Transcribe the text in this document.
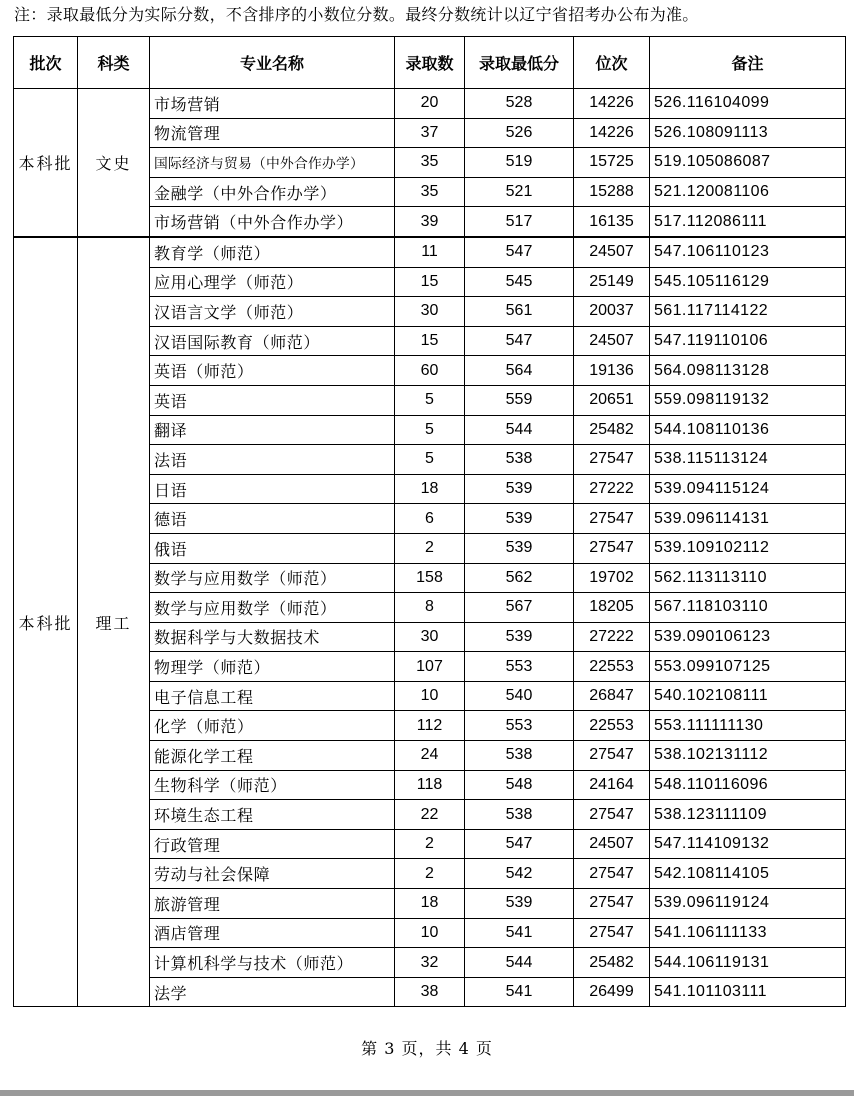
注：录取最低分为实际分数，不含排序的小数位分数。最终分数统计以辽宁省招考办公布为准。
批次	科类	专业名称	录取数	录取最低分	位次	备注
本科批	文史	市场营销	20	528	14226	526.116104099
		物流管理	37	526	14226	526.108091113
		国际经济与贸易（中外合作办学）	35	519	15725	519.105086087
		金融学（中外合作办学）	35	521	15288	521.120081106
		市场营销（中外合作办学）	39	517	16135	517.112086111
本科批	理工	教育学（师范）	11	547	24507	547.106110123
		应用心理学（师范）	15	545	25149	545.105116129
		汉语言文学（师范）	30	561	20037	561.117114122
		汉语国际教育（师范）	15	547	24507	547.119110106
		英语（师范）	60	564	19136	564.098113128
		英语	5	559	20651	559.098119132
		翻译	5	544	25482	544.108110136
		法语	5	538	27547	538.115113124
		日语	18	539	27222	539.094115124
		德语	6	539	27547	539.096114131
		俄语	2	539	27547	539.109102112
		数学与应用数学（师范）	158	562	19702	562.113113110
		数学与应用数学（师范）	8	567	18205	567.118103110
		数据科学与大数据技术	30	539	27222	539.090106123
		物理学（师范）	107	553	22553	553.099107125
		电子信息工程	10	540	26847	540.102108111
		化学（师范）	112	553	22553	553.111111130
		能源化学工程	24	538	27547	538.102131112
		生物科学（师范）	118	548	24164	548.110116096
		环境生态工程	22	538	27547	538.123111109
		行政管理	2	547	24507	547.114109132
		劳动与社会保障	2	542	27547	542.108114105
		旅游管理	18	539	27547	539.096119124
		酒店管理	10	541	27547	541.106111133
		计算机科学与技术（师范）	32	544	25482	544.106119131
		法学	38	541	26499	541.101103111
第 3 页，共 4 页
